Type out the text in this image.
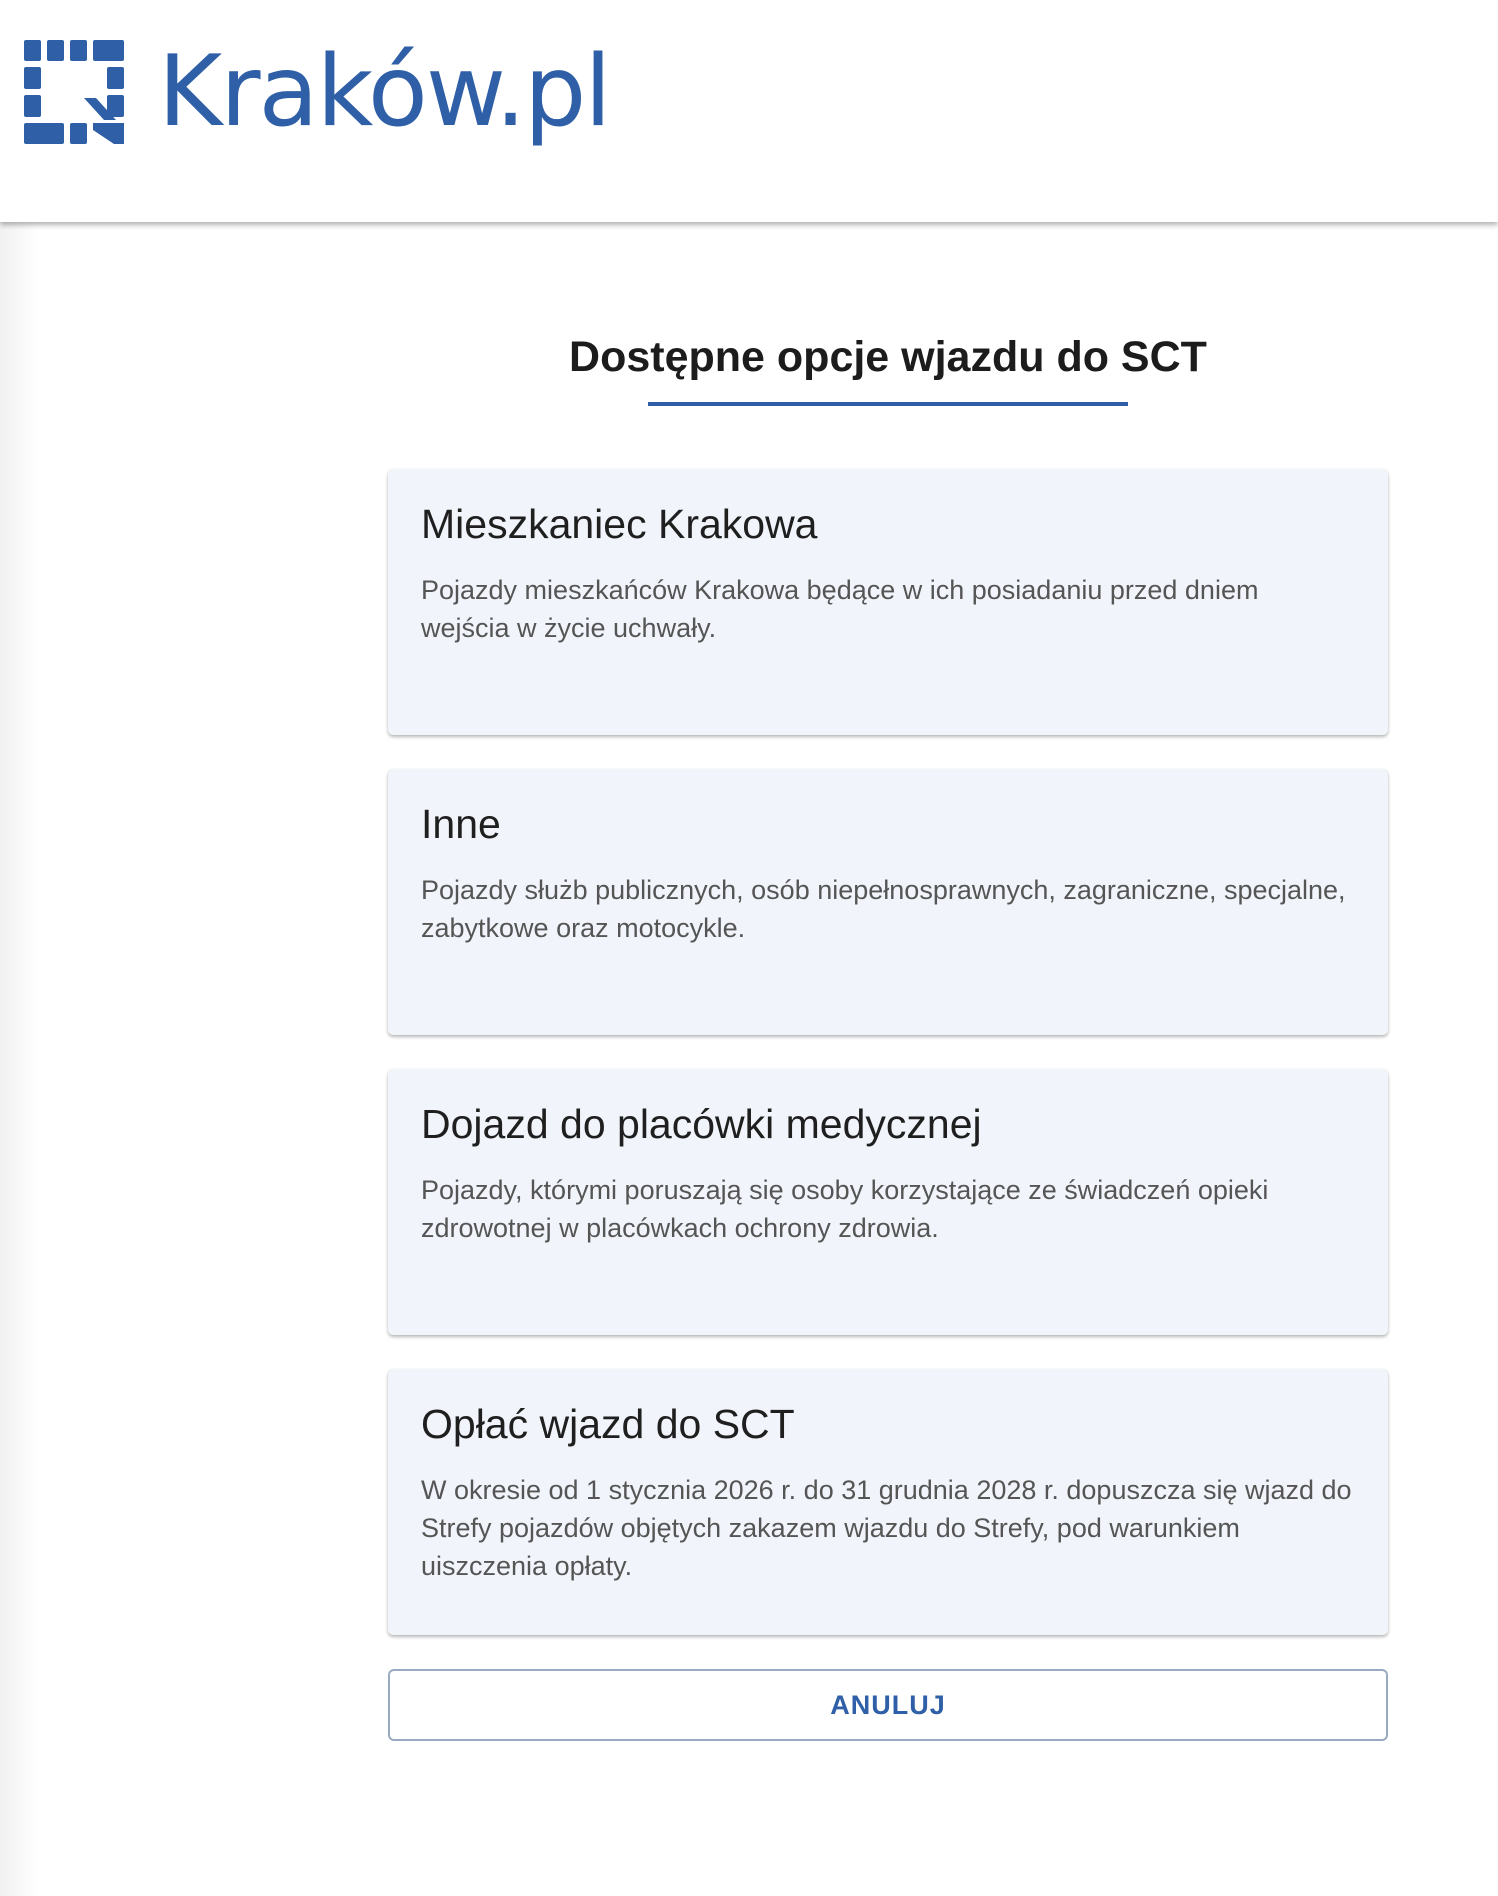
Kraków.pl
Dostępne opcje wjazdu do SCT
Mieszkaniec Krakowa

Pojazdy mieszkańców Krakowa będące w ich posiadaniu przed dniem wejścia w życie uchwały.

Inne

Pojazdy służb publicznych, osób niepełnosprawnych, zagraniczne, specjalne, zabytkowe oraz motocykle.

Dojazd do placówki medycznej

Pojazdy, którymi poruszają się osoby korzystające ze świadczeń opieki zdrowotnej w placówkach ochrony zdrowia.

Opłać wjazd do SCT

W okresie od 1 stycznia 2026 r. do 31 grudnia 2028 r. dopuszcza się wjazd do Strefy pojazdów objętych zakazem wjazdu do Strefy, pod warunkiem uiszczenia opłaty.

ANULUJ
